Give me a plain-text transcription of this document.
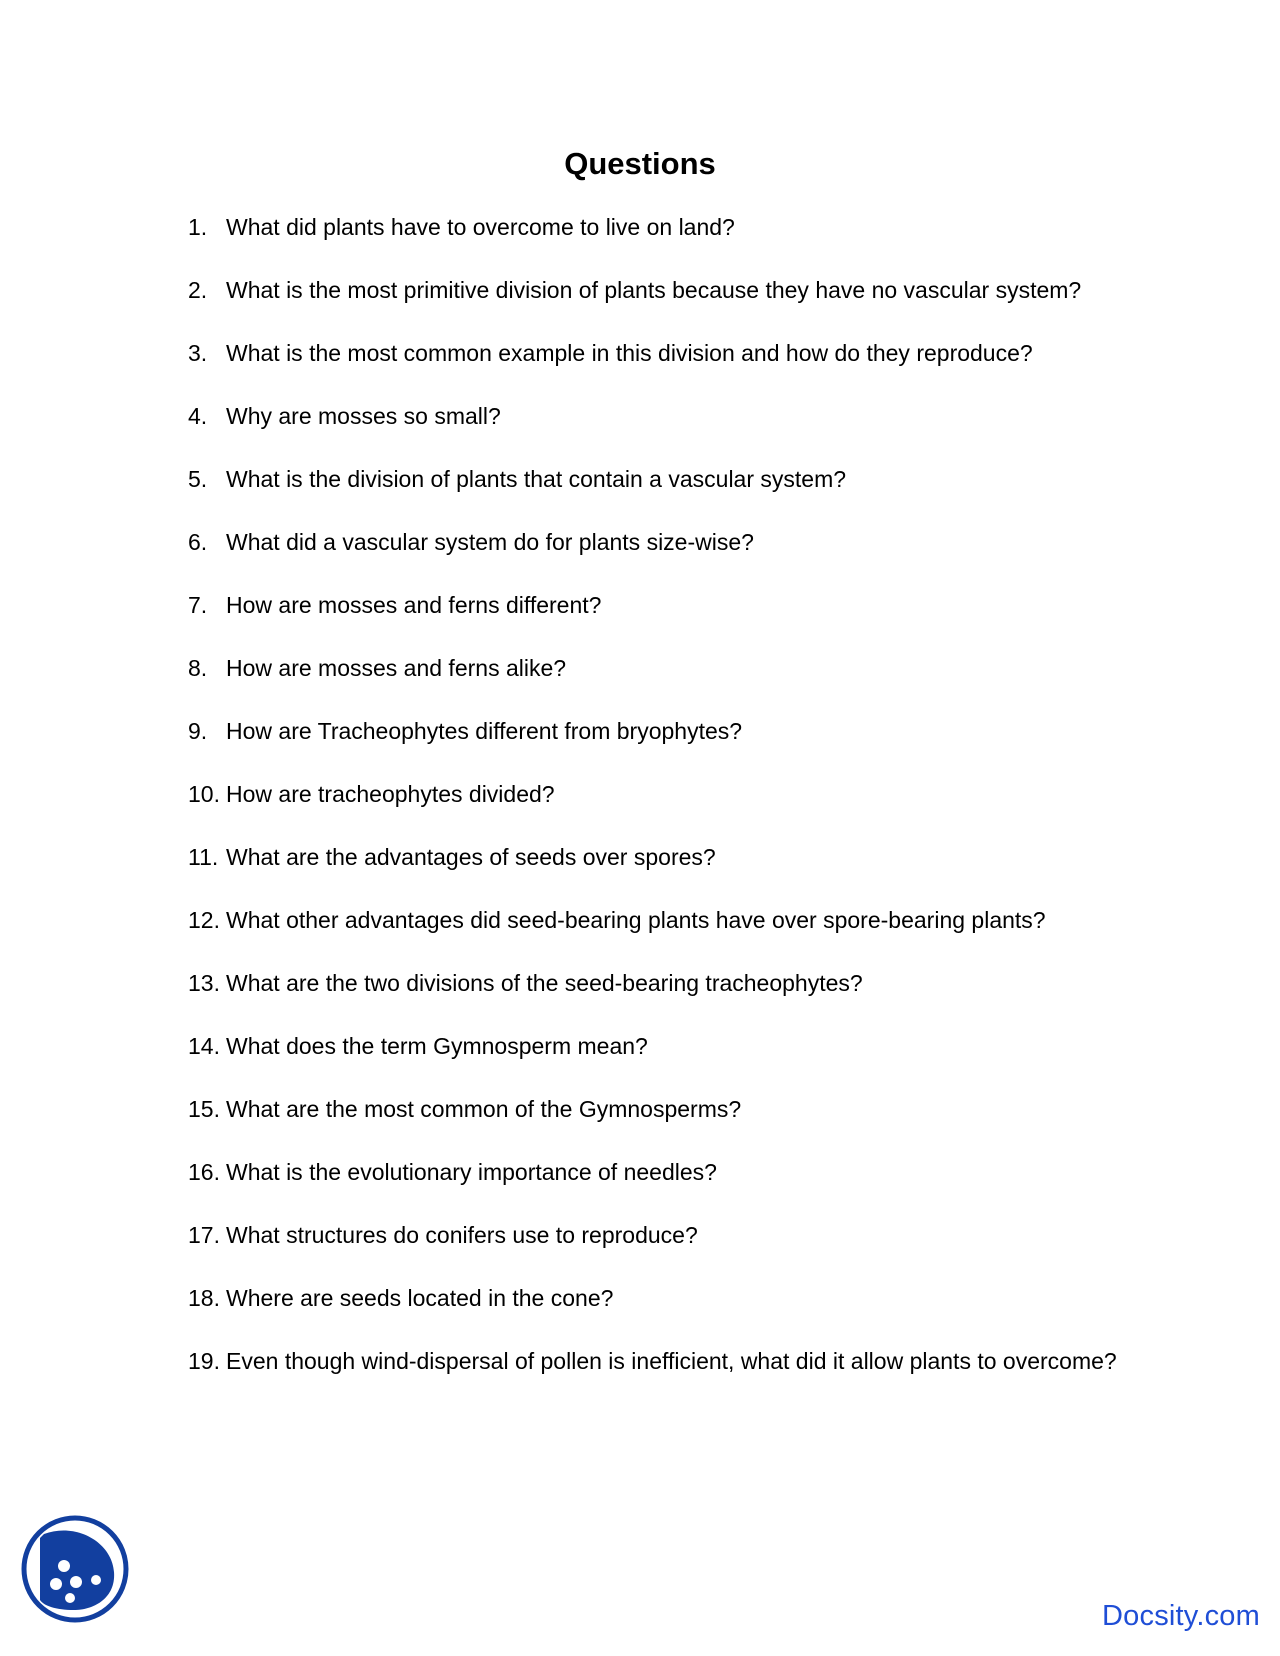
Questions
1. What did plants have to overcome to live on land?
2. What is the most primitive division of plants because they have no vascular system?
3. What is the most common example in this division and how do they reproduce?
4. Why are mosses so small?
5. What is the division of plants that contain a vascular system?
6. What did a vascular system do for plants size-wise?
7. How are mosses and ferns different?
8. How are mosses and ferns alike?
9. How are Tracheophytes different from bryophytes?
10. How are tracheophytes divided?
11. What are the advantages of seeds over spores?
12. What other advantages did seed-bearing plants have over spore-bearing plants?
13. What are the two divisions of the seed-bearing tracheophytes?
14. What does the term Gymnosperm mean?
15. What are the most common of the Gymnosperms?
16. What is the evolutionary importance of needles?
17. What structures do conifers use to reproduce?
18. Where are seeds located in the cone?
19. Even though wind-dispersal of pollen is inefficient, what did it allow plants to overcome?
Docsity.com
